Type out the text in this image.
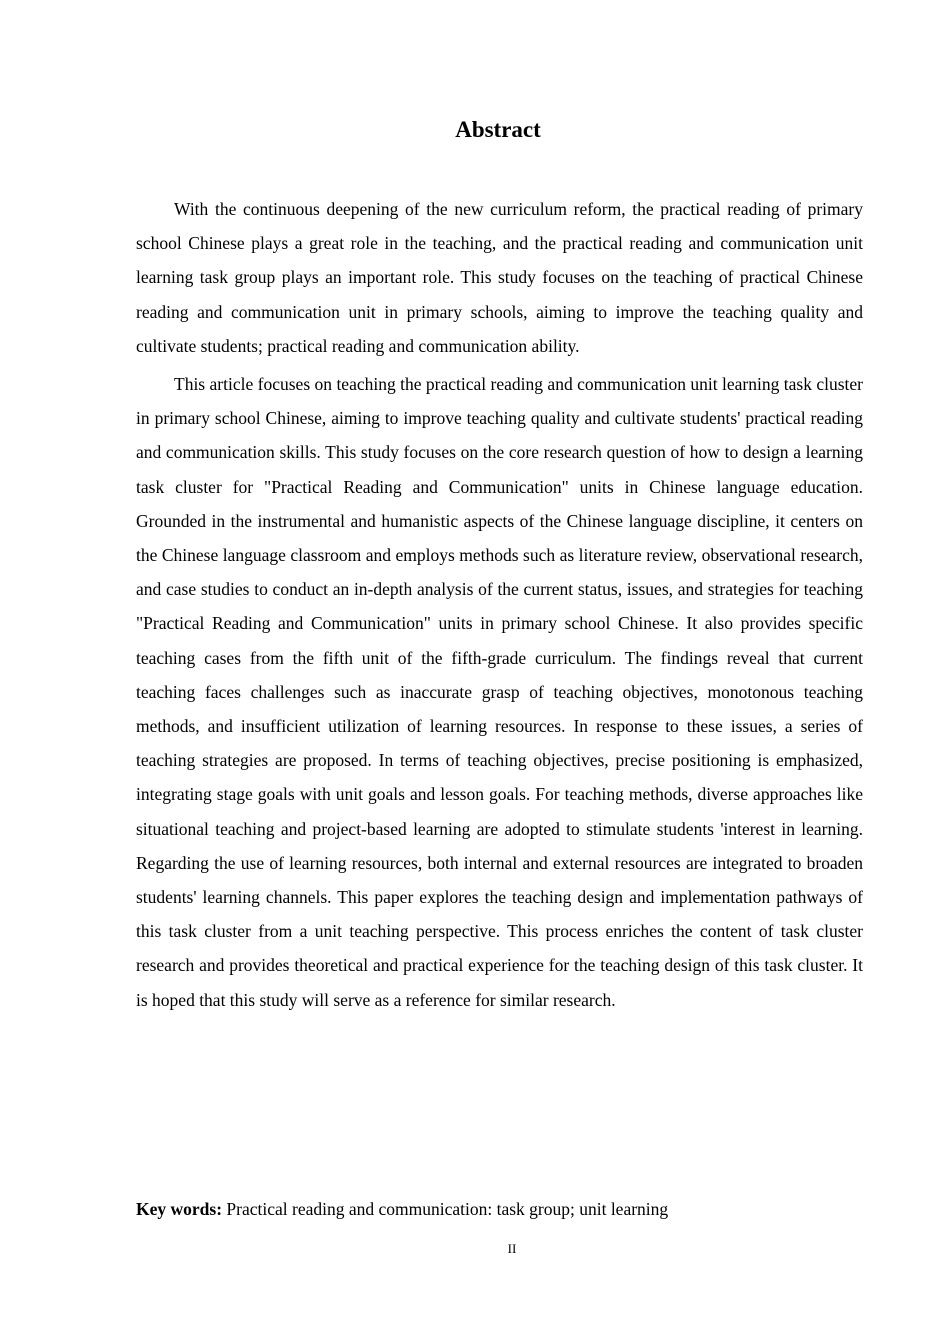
Abstract

With the continuous deepening of the new curriculum reform, the practical reading of primary school Chinese plays a great role in the teaching, and the practical reading and communication unit learning task group plays an important role. This study focuses on the teaching of practical Chinese reading and communication unit in primary schools, aiming to improve the teaching quality and cultivate students; practical reading and communication ability.

This article focuses on teaching the practical reading and communication unit learning task cluster in primary school Chinese, aiming to improve teaching quality and cultivate students' practical reading and communication skills. This study focuses on the core research question of how to design a learning task cluster for "Practical Reading and Communication" units in Chinese language education. Grounded in the instrumental and humanistic aspects of the Chinese language discipline, it centers on the Chinese language classroom and employs methods such as literature review, observational research, and case studies to conduct an in-depth analysis of the current status, issues, and strategies for teaching "Practical Reading and Communication" units in primary school Chinese. It also provides specific teaching cases from the fifth unit of the fifth-grade curriculum. The findings reveal that current teaching faces challenges such as inaccurate grasp of teaching objectives, monotonous teaching methods, and insufficient utilization of learning resources. In response to these issues, a series of teaching strategies are proposed. In terms of teaching objectives, precise positioning is emphasized, integrating stage goals with unit goals and lesson goals. For teaching methods, diverse approaches like situational teaching and project-based learning are adopted to stimulate students 'interest in learning. Regarding the use of learning resources, both internal and external resources are integrated to broaden students' learning channels. This paper explores the teaching design and implementation pathways of this task cluster from a unit teaching perspective. This process enriches the content of task cluster research and provides theoretical and practical experience for the teaching design of this task cluster. It is hoped that this study will serve as a reference for similar research.

Key words: Practical reading and communication: task group; unit learning

II
